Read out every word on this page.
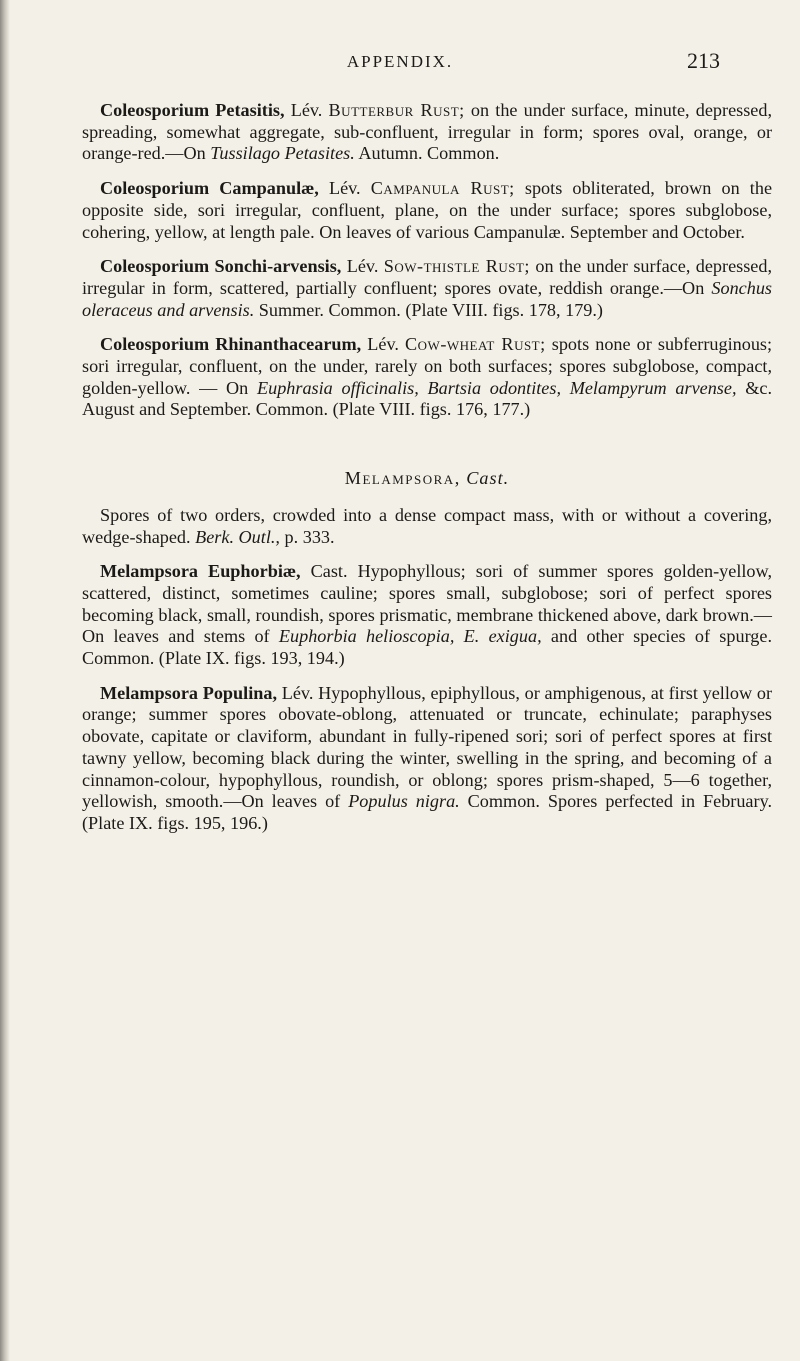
APPENDIX.	213

Coleosporium Petasitis, Lév. Butterbur Rust; on the under surface, minute, depressed, spreading, somewhat aggregate, sub-confluent, irregular in form; spores oval, orange, or orange-red.—On Tussilago Petasites. Autumn. Common.

Coleosporium Campanulæ, Lév. Campanula Rust; spots obliterated, brown on the opposite side, sori irregular, confluent, plane, on the under surface; spores subglobose, cohering, yellow, at length pale. On leaves of various Campanulæ. September and October.

Coleosporium Sonchi-arvensis, Lév. Sow-thistle Rust; on the under surface, depressed, irregular in form, scattered, partially confluent; spores ovate, reddish orange.—On Sonchus oleraceus and arvensis. Summer. Common. (Plate VIII. figs. 178, 179.)

Coleosporium Rhinanthacearum, Lév. Cow-wheat Rust; spots none or subferruginous; sori irregular, confluent, on the under, rarely on both surfaces; spores subglobose, compact, golden-yellow. — On Euphrasia officinalis, Bartsia odontites, Melampyrum arvense, &c. August and September. Common. (Plate VIII. figs. 176, 177.)

Melampsora, Cast.

Spores of two orders, crowded into a dense compact mass, with or without a covering, wedge-shaped. Berk. Outl., p. 333.

Melampsora Euphorbiæ, Cast. Hypophyllous; sori of summer spores golden-yellow, scattered, distinct, sometimes cauline; spores small, subglobose; sori of perfect spores becoming black, small, roundish, spores prismatic, membrane thickened above, dark brown.—On leaves and stems of Euphorbia helioscopia, E. exigua, and other species of spurge. Common. (Plate IX. figs. 193, 194.)

Melampsora Populina, Lév. Hypophyllous, epiphyllous, or amphigenous, at first yellow or orange; summer spores obovate-oblong, attenuated or truncate, echinulate; paraphyses obovate, capitate or claviform, abundant in fully-ripened sori; sori of perfect spores at first tawny yellow, becoming black during the winter, swelling in the spring, and becoming of a cinnamon-colour, hypophyllous, roundish, or oblong; spores prism-shaped, 5—6 together, yellowish, smooth.—On leaves of Populus nigra. Common. Spores perfected in February. (Plate IX. figs. 195, 196.)
